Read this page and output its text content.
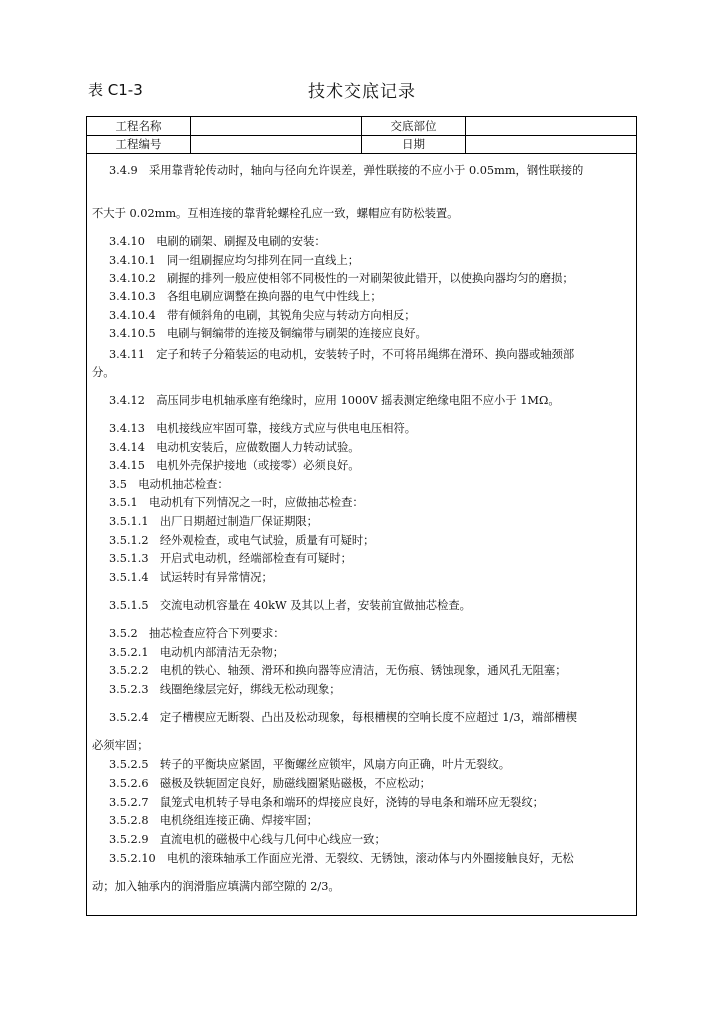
表 C1-3	技术交底记录
工程名称	交底部位
工程编号	日期
3.4.9　采用靠背轮传动时，轴向与径向允许误差，弹性联接的不应小于 0.05mm，钢性联接的
不大于 0.02mm。互相连接的靠背轮螺栓孔应一致，螺帽应有防松装置。
3.4.10　电刷的刷架、刷握及电刷的安装：
3.4.10.1　同一组刷握应均匀排列在同一直线上；
3.4.10.2　刷握的排列一般应使相邻不同极性的一对刷架彼此错开，以使换向器均匀的磨损；
3.4.10.3　各组电刷应调整在换向器的电气中性线上；
3.4.10.4　带有倾斜角的电刷，其锐角尖应与转动方向相反；
3.4.10.5　电刷与铜编带的连接及铜编带与刷架的连接应良好。
3.4.11　定子和转子分箱装运的电动机，安装转子时，不可将吊绳绑在滑环、换向器或轴颈部
分。
3.4.12　高压同步电机轴承座有绝缘时，应用 1000V 摇表测定绝缘电阻不应小于 1MΩ。
3.4.13　电机接线应牢固可靠，接线方式应与供电电压相符。
3.4.14　电动机安装后，应做数圈人力转动试验。
3.4.15　电机外壳保护接地（或接零）必须良好。
3.5　电动机抽芯检查：
3.5.1　电动机有下列情况之一时，应做抽芯检查：
3.5.1.1　出厂日期超过制造厂保证期限；
3.5.1.2　经外观检查，或电气试验，质量有可疑时；
3.5.1.3　开启式电动机，经端部检查有可疑时；
3.5.1.4　试运转时有异常情况；
3.5.1.5　交流电动机容量在 40kW 及其以上者，安装前宜做抽芯检查。
3.5.2　抽芯检查应符合下列要求：
3.5.2.1　电动机内部清洁无杂物；
3.5.2.2　电机的铁心、轴颈、滑环和换向器等应清洁，无伤痕、锈蚀现象，通风孔无阻塞；
3.5.2.3　线圈绝缘层完好，绑线无松动现象；
3.5.2.4　定子槽楔应无断裂、凸出及松动现象，每根槽楔的空响长度不应超过 1/3，端部槽楔
必须牢固；
3.5.2.5　转子的平衡块应紧固，平衡螺丝应锁牢，风扇方向正确，叶片无裂纹。
3.5.2.6　磁极及铁轭固定良好，励磁线圈紧贴磁极，不应松动；
3.5.2.7　鼠笼式电机转子导电条和端环的焊接应良好，浇铸的导电条和端环应无裂纹；
3.5.2.8　电机绕组连接正确、焊接牢固；
3.5.2.9　直流电机的磁极中心线与几何中心线应一致；
3.5.2.10　电机的滚珠轴承工作面应光滑、无裂纹、无锈蚀，滚动体与内外圈接触良好，无松
动；加入轴承内的润滑脂应填满内部空隙的 2/3。
